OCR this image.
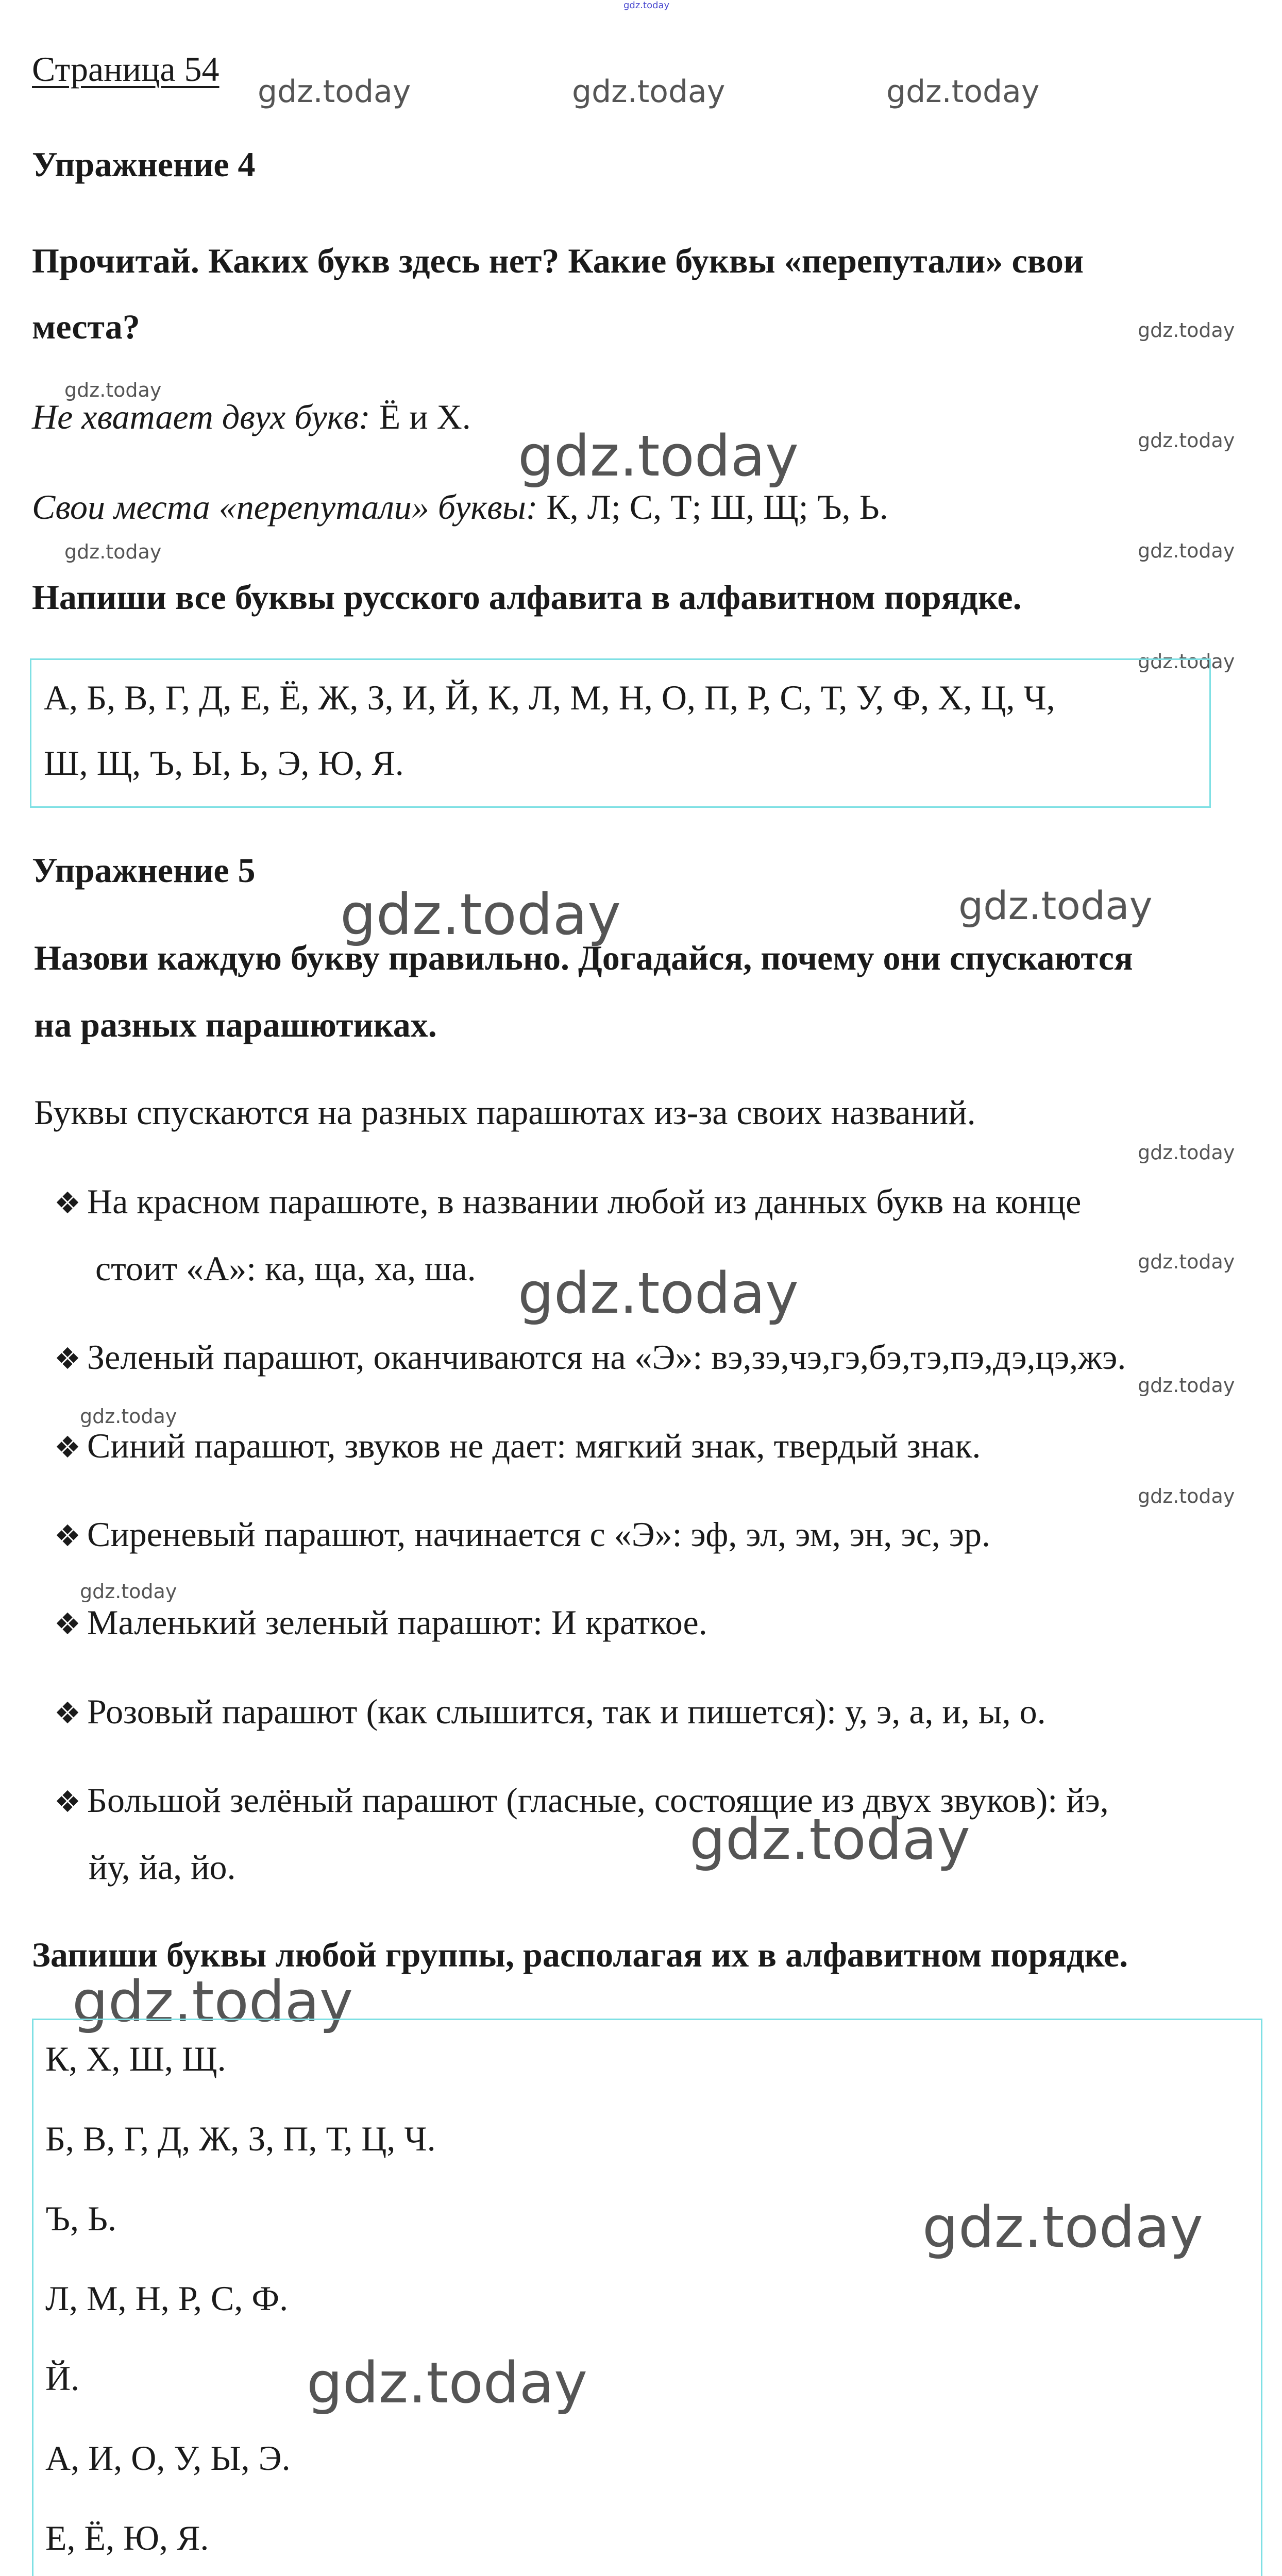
gdz.today
Страница 54
gdz.today	gdz.today	gdz.today
Упражнение 4
Прочитай. Каких букв здесь нет? Какие буквы «перепутали» свои
места?	gdz.today
gdz.today
Не хватает двух букв: Ё и Х.
gdz.today	gdz.today
Свои места «перепутали» буквы: К, Л; С, Т; Ш, Щ; Ъ, Ь.
gdz.today
gdz.today
Напиши все буквы русского алфавита в алфавитном порядке.
gdz.today
А, Б, В, Г, Д, Е, Ё, Ж, З, И, Й, К, Л, М, Н, О, П, Р, С, Т, У, Ф, Х, Ц, Ч,
Ш, Щ, Ъ, Ы, Ь, Э, Ю, Я.
Упражнение 5
gdz.today	gdz.today
Назови каждую букву правильно. Догадайся, почему они спускаются
на разных парашютиках.
Буквы спускаются на разных парашютах из-за своих названий.
gdz.today
❖ На красном парашюте, в названии любой из данных букв на конце
стоит «А»: ка, ща, ха, ша.	gdz.today
gdz.today
❖ Зеленый парашют, оканчиваются на «Э»: вэ,зэ,чэ,гэ,бэ,тэ,пэ,дэ,цэ,жэ.
gdz.today
gdz.today
❖ Синий парашют, звуков не дает: мягкий знак, твердый знак.
gdz.today
❖ Сиреневый парашют, начинается с «Э»: эф, эл, эм, эн, эс, эр.
gdz.today
❖ Маленький зеленый парашют: И краткое.
❖ Розовый парашют (как слышится, так и пишется): у, э, а, и, ы, о.
❖ Большой зелёный парашют (гласные, состоящие из двух звуков): йэ,
йу, йа, йо.	gdz.today
Запиши буквы любой группы, располагая их в алфавитном порядке.
gdz.today
К, Х, Ш, Щ.
Б, В, Г, Д, Ж, З, П, Т, Ц, Ч.
Ъ, Ь.
Л, М, Н, Р, С, Ф.
Й.
А, И, О, У, Ы, Э.
Е, Ё, Ю, Я.
gdz.today
gdz.today
